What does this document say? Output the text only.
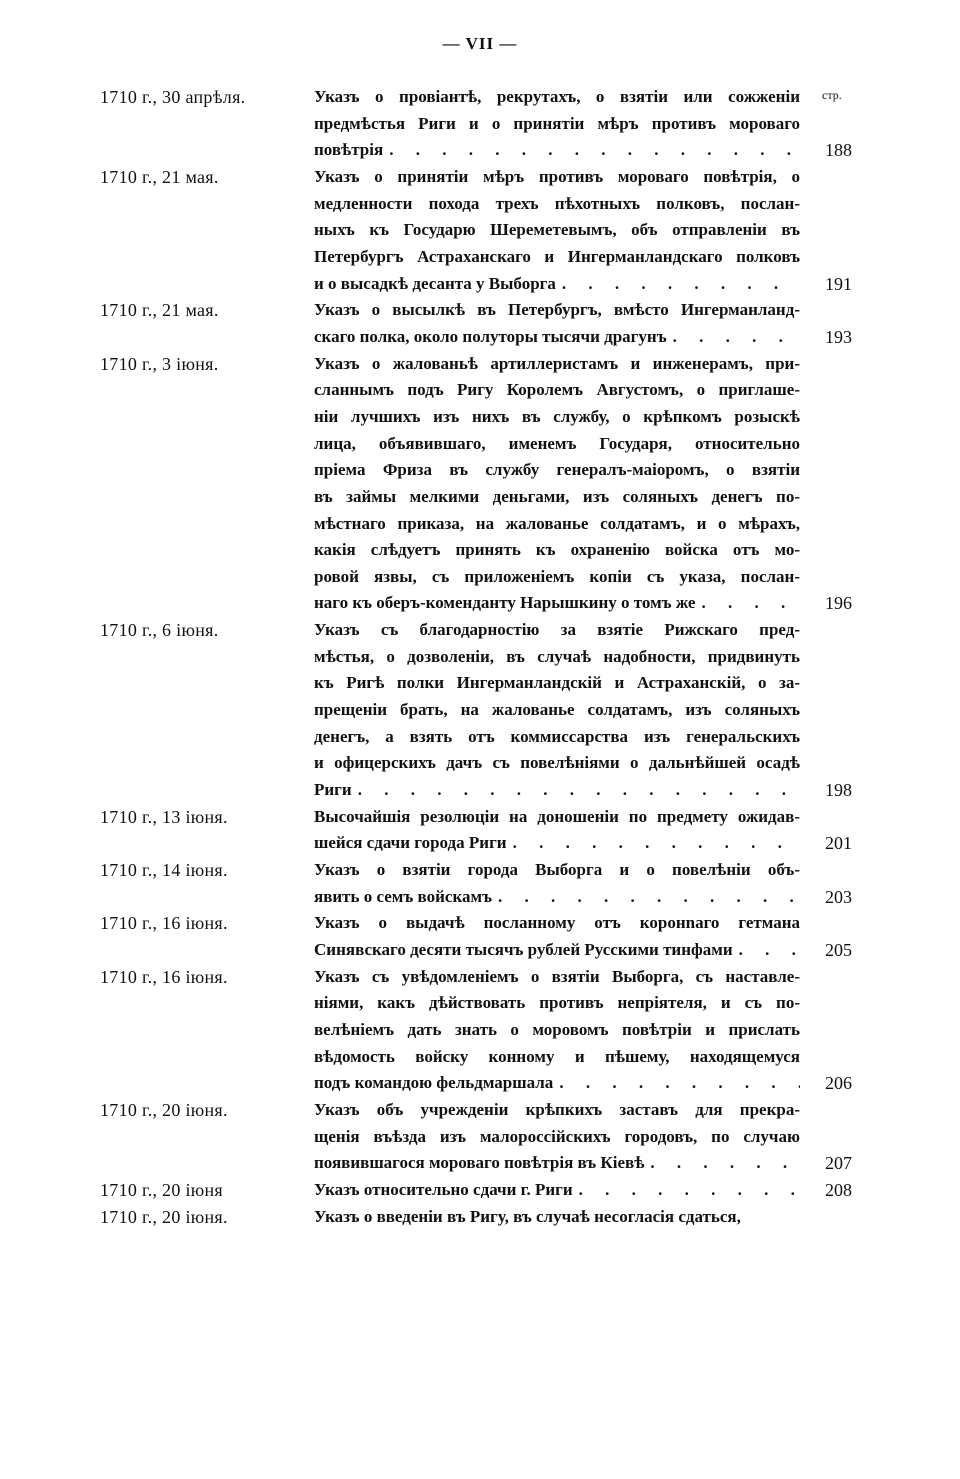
— VII —
стр.
1710 г., 30 апрѣля.	Указъ о провіантѣ, рекрутахъ, о взятіи или сожженіи
предмѣстья Риги и о принятіи мѣръ противъ мороваго
повѣтрія . . .	188
1710 г., 21 мая.	Указъ о принятіи мѣръ противъ мороваго повѣтрія, о
медленности похода трехъ пѣхотныхъ полковъ, послан-
ныхъ къ Государю Шереметевымъ, объ отправленіи въ
Петербургъ Астраханскаго и Ингерманландскаго полковъ
и о высадкѣ десанта у Выборга . . .	191
1710 г., 21 мая.	Указъ о высылкѣ въ Петербургъ, вмѣсто Ингерманланд-
скаго полка, около полуторы тысячи драгунъ . . .	193
1710 г., 3 іюня.	Указъ о жалованьѣ артиллеристамъ и инженерамъ, при-
сланнымъ подъ Ригу Королемъ Августомъ, о приглаше-
ніи лучшихъ изъ нихъ въ службу, о крѣпкомъ розыскѣ
лица, объявившаго, именемъ Государя, относительно
пріема Фриза въ службу генералъ-маіоромъ, о взятіи
въ займы мелкими деньгами, изъ соляныхъ денегъ по-
мѣстнаго приказа, на жалованье солдатамъ, и о мѣрахъ,
какія слѣдуетъ принять къ охраненію войска отъ мо-
ровой язвы, съ приложеніемъ копіи съ указа, послан-
наго къ оберъ-коменданту Нарышкину о томъ же . . .	196
1710 г., 6 іюня.	Указъ съ благодарностію за взятіе Рижскаго пред-
мѣстья, о дозволеніи, въ случаѣ надобности, придвинуть
къ Ригѣ полки Ингерманландскій и Астраханскій, о за-
прещеніи брать, на жалованье солдатамъ, изъ соляныхъ
денегъ, а взять отъ коммиссарства изъ генеральскихъ
и офицерскихъ дачъ съ повелѣніями о дальнѣйшей осадѣ
Риги . . .	198
1710 г., 13 іюня.	Высочайшія резолюціи на доношеніи по предмету ожидав-
шейся сдачи города Риги . . .	201
1710 г., 14 іюня.	Указъ о взятіи города Выборга и о повелѣніи объ-
явить о семъ войскамъ . . .	203
1710 г., 16 іюня.	Указъ о выдачѣ посланному отъ коронnаго гетмана
Синявскаго десяти тысячъ рублей Русскими тинфами . . .	205
1710 г., 16 іюня.	Указъ съ увѣдомленіемъ о взятіи Выборга, съ наставле-
ніями, какъ дѣйствовать противъ непріятеля, и съ по-
велѣніемъ дать знать о моровомъ повѣтріи и прислать
вѣдомость войску конному и пѣшему, находящемуся
подъ командою фельдмаршала . . .	206
1710 г., 20 іюня.	Указъ объ учрежденіи крѣпкихъ заставъ для прекра-
щенія въѣзда изъ малороссійскихъ городовъ, по случаю
появившагося мороваго повѣтрія въ Кіевѣ . . .	207
1710 г., 20 іюня	Указъ относительно сдачи г. Риги . . .	208
1710 г., 20 іюня.	Указъ о введеніи въ Ригу, въ случаѣ несогласія сдаться,
